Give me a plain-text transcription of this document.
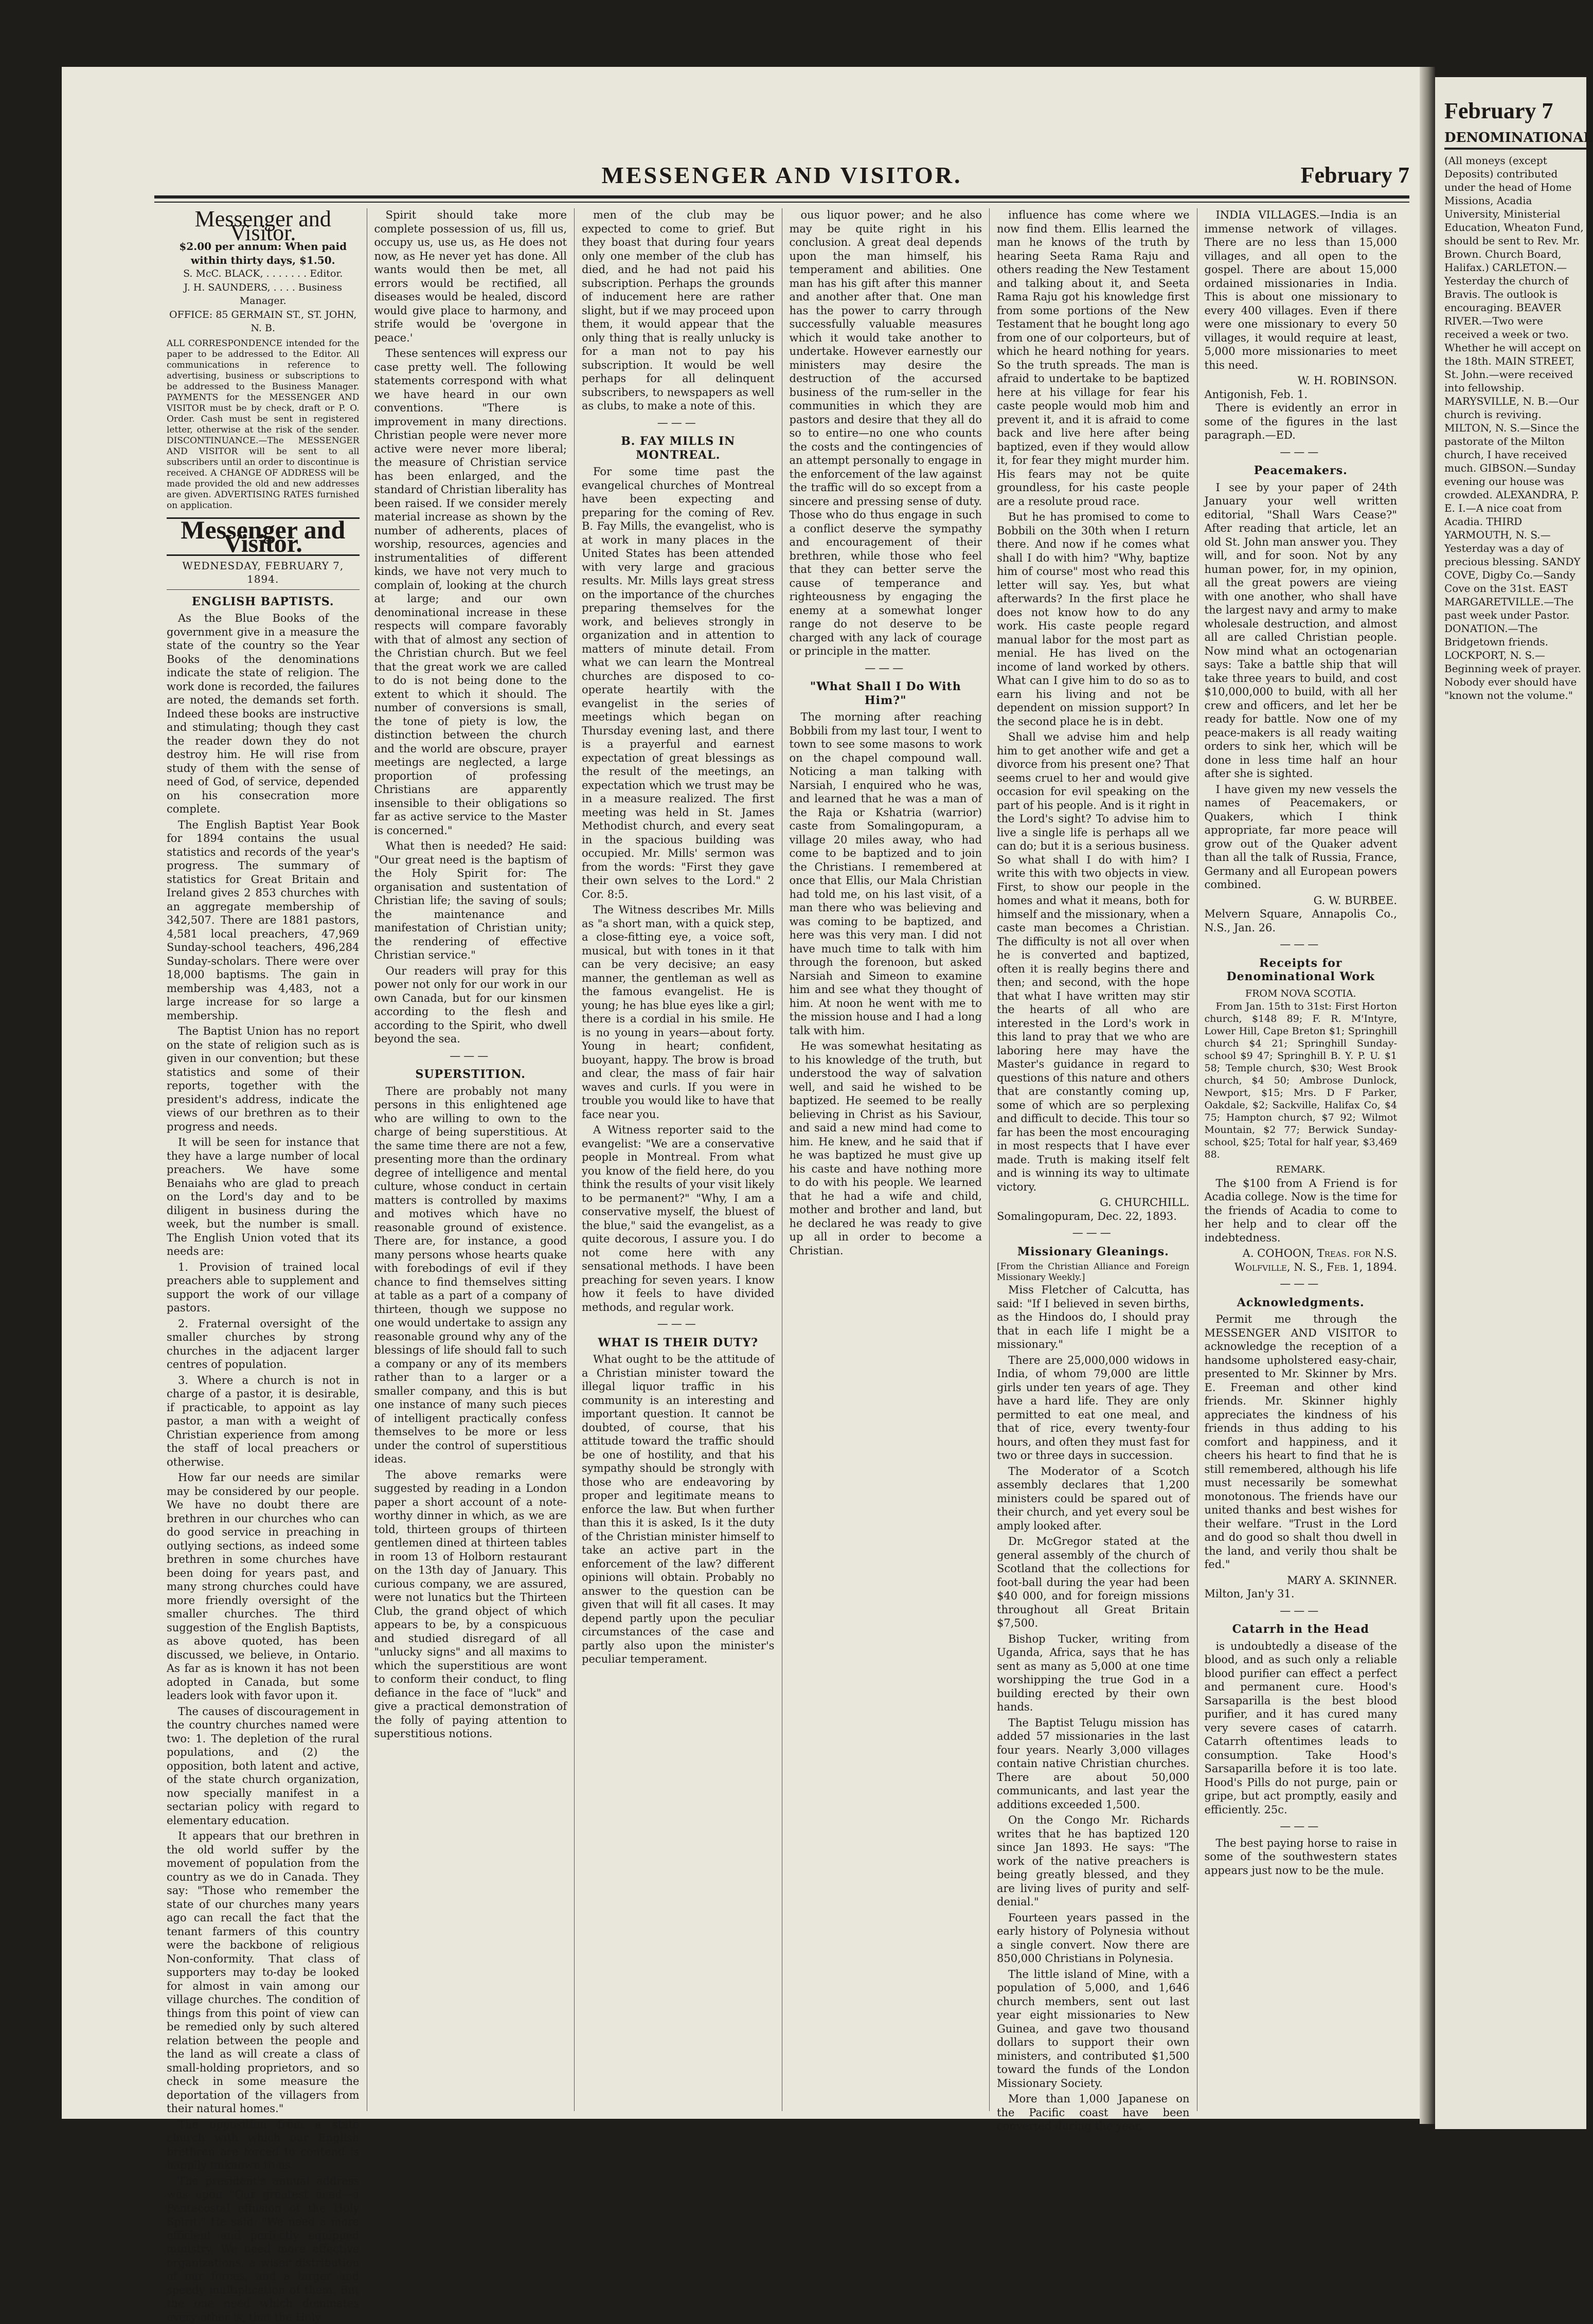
MESSENGER AND VISITOR.	February 7
Messenger and Visitor.
$2.00 per annum: When paid within thirty days, $1.50.
S. McC. BLACK, . . . . . . . Editor.
J. H. SAUNDERS, . . . . Business Manager.
OFFICE: 85 GERMAIN ST., ST. JOHN, N. B.
ALL CORRESPONDENCE intended for the paper to be addressed to the Editor. All communications in reference to advertising, business or subscriptions to be addressed to the Business Manager. PAYMENTS for the MESSENGER AND VISITOR must be by check, draft or P. O. Order. Cash must be sent in registered letter, otherwise at the risk of the sender. DISCONTINUANCE.—The MESSENGER AND VISITOR will be sent to all subscribers until an order to discontinue is received. A CHANGE OF ADDRESS will be made provided the old and new addresses are given. ADVERTISING RATES furnished on application.
Messenger and Visitor.
WEDNESDAY, FEBRUARY 7, 1894.
ENGLISH BAPTISTS.

As the Blue Books of the government give in a measure the state of the country so the Year Books of the denominations indicate the state of religion. The work done is recorded, the failures are noted, the demands set forth. Indeed these books are instructive and stimulating; though they cast the reader down they do not destroy him. He will rise from study of them with the sense of need of God, of service, depended on his consecration more complete.

The English Baptist Year Book for 1894 contains the usual statistics and records of the year's progress. The summary of statistics for Great Britain and Ireland gives 2 853 churches with an aggregate membership of 342,507. There are 1881 pastors, 4,581 local preachers, 47,969 Sunday-school teachers, 496,284 Sunday-scholars. There were over 18,000 baptisms. The gain in membership was 4,483, not a large increase for so large a membership.

The Baptist Union has no report on the state of religion such as is given in our convention; but these statistics and some of their reports, together with the president's address, indicate the views of our brethren as to their progress and needs.

It will be seen for instance that they have a large number of local preachers. We have some Benaiahs who are glad to preach on the Lord's day and to be diligent in business during the week, but the number is small. The English Union voted that its needs are:

1. Provision of trained local preachers able to supplement and support the work of our village pastors.

2. Fraternal oversight of the smaller churches by strong churches in the adjacent larger centres of population.

3. Where a church is not in charge of a pastor, it is desirable, if practicable, to appoint as lay pastor, a man with a weight of Christian experience from among the staff of local preachers or otherwise.

How far our needs are similar may be considered by our people. We have no doubt there are brethren in our churches who can do good service in preaching in outlying sections, as indeed some brethren in some churches have been doing for years past, and many strong churches could have more friendly oversight of the smaller churches. The third suggestion of the English Baptists, as above quoted, has been discussed, we believe, in Ontario. As far as is known it has not been adopted in Canada, but some leaders look with favor upon it.

The causes of discouragement in the country churches named were two: 1. The depletion of the rural populations, and (2) the opposition, both latent and active, of the state church organization, now specially manifest in a sectarian policy with regard to elementary education.

It appears that our brethren in the old world suffer by the movement of population from the country as we do in Canada. They say: "Those who remember the state of our churches many years ago can recall the fact that the tenant farmers of this country were the backbone of religious Non-conformity. That class of supporters may to-day be looked for almost in vain among our village churches. The condition of things from this point of view can be remedied only by such altered relation between the people and the land as will create a class of small-holding proprietors, and so check in some measure the deportation of the villagers from their natural homes."

The opposition from a state church with which our English brethren are forced to contend is happily unknown to us.

The president's annual address was upon "Our greatest need—a Pentecostal effusion of the Holy Spirit." He said: "We need a more efficient and perfectly equipped ministry. We need more effective organizations, a wiser distribution of our forces, and a larger and speedy multiplication of them. But the one need which dominates every other is, that the Holy

Spirit should take more complete possession of us, fill us, occupy us, use us, as He does not now, as He never yet has done. All wants would then be met, all errors would be rectified, all diseases would be healed, discord would give place to harmony, and strife would be 'overgone in peace.'

These sentences will express our case pretty well. The following statements correspond with what we have heard in our own conventions. "There is improvement in many directions. Christian people were never more active were never more liberal; the measure of Christian service has been enlarged, and the standard of Christian liberality has been raised. If we consider merely material increase as shown by the number of adherents, places of worship, resources, agencies and instrumentalities of different kinds, we have not very much to complain of, looking at the church at large; and our own denominational increase in these respects will compare favorably with that of almost any section of the Christian church. But we feel that the great work we are called to do is not being done to the extent to which it should. The number of conversions is small, the tone of piety is low, the distinction between the church and the world are obscure, prayer meetings are neglected, a large proportion of professing Christians are apparently insensible to their obligations so far as active service to the Master is concerned."

What then is needed? He said: "Our great need is the baptism of the Holy Spirit for: The organisation and sustentation of Christian life; the saving of souls; the maintenance and manifestation of Christian unity; the rendering of effective Christian service."

Our readers will pray for this power not only for our work in our own Canada, but for our kinsmen according to the flesh and according to the Spirit, who dwell beyond the sea.

———
SUPERSTITION.

There are probably not many persons in this enlightened age who are willing to own to the charge of being superstitious. At the same time there are not a few, presenting more than the ordinary degree of intelligence and mental culture, whose conduct in certain matters is controlled by maxims and motives which have no reasonable ground of existence. There are, for instance, a good many persons whose hearts quake with forebodings of evil if they chance to find themselves sitting at table as a part of a company of thirteen, though we suppose no one would undertake to assign any reasonable ground why any of the blessings of life should fall to such a company or any of its members rather than to a larger or a smaller company, and this is but one instance of many such pieces of intelligent practically confess themselves to be more or less under the control of superstitious ideas.

The above remarks were suggested by reading in a London paper a short account of a note-worthy dinner in which, as we are told, thirteen groups of thirteen gentlemen dined at thirteen tables in room 13 of Holborn restaurant on the 13th day of January. This curious company, we are assured, were not lunatics but the Thirteen Club, the grand object of which appears to be, by a conspicuous and studied disregard of all "unlucky signs" and all maxims to which the superstitious are wont to conform their conduct, to fling defiance in the face of "luck" and give a practical demonstration of the folly of paying attention to superstitious notions.

men of the club may be expected to come to grief. But they boast that during four years only one member of the club has died, and he had not paid his subscription. Perhaps the grounds of inducement here are rather slight, but if we may proceed upon them, it would appear that the only thing that is really unlucky is for a man not to pay his subscription. It would be well perhaps for all delinquent subscribers, to newspapers as well as clubs, to make a note of this.

———
B. FAY MILLS IN MONTREAL.

For some time past the evangelical churches of Montreal have been expecting and preparing for the coming of Rev. B. Fay Mills, the evangelist, who is at work in many places in the United States has been attended with very large and gracious results. Mr. Mills lays great stress on the importance of the churches preparing themselves for the work, and believes strongly in organization and in attention to matters of minute detail. From what we can learn the Montreal churches are disposed to co-operate heartily with the evangelist in the series of meetings which began on Thursday evening last, and there is a prayerful and earnest expectation of great blessings as the result of the meetings, an expectation which we trust may be in a measure realized. The first meeting was held in St. James Methodist church, and every seat in the spacious building was occupied. Mr. Mills' sermon was from the words: "First they gave their own selves to the Lord." 2 Cor. 8:5.

The Witness describes Mr. Mills as "a short man, with a quick step, a close-fitting eye, a voice soft, musical, but with tones in it that can be very decisive; an easy manner, the gentleman as well as the famous evangelist. He is young; he has blue eyes like a girl; there is a cordial in his smile. He is no young in years—about forty. Young in heart; confident, buoyant, happy. The brow is broad and clear, the mass of fair hair waves and curls. If you were in trouble you would like to have that face near you.

A Witness reporter said to the evangelist: "We are a conservative people in Montreal. From what you know of the field here, do you think the results of your visit likely to be permanent?" "Why, I am a conservative myself, the bluest of the blue," said the evangelist, as a quite decorous, I assure you. I do not come here with any sensational methods. I have been preaching for seven years. I know how it feels to have divided methods, and regular work.

———
WHAT IS THEIR DUTY?

What ought to be the attitude of a Christian minister toward the illegal liquor traffic in his community is an interesting and important question. It cannot be doubted, of course, that his attitude toward the traffic should be one of hostility, and that his sympathy should be strongly with those who are endeavoring by proper and legitimate means to enforce the law. But when further than this it is asked, Is it the duty of the Christian minister himself to take an active part in the enforcement of the law? different opinions will obtain. Probably no answer to the question can be given that will fit all cases. It may depend partly upon the peculiar circumstances of the case and partly also upon the minister's peculiar temperament.

ous liquor power; and he also may be quite right in his conclusion. A great deal depends upon the man himself, his temperament and abilities. One man has his gift after this manner and another after that. One man has the power to carry through successfully valuable measures which it would take another to undertake. However earnestly our ministers may desire the destruction of the accursed business of the rum-seller in the communities in which they are pastors and desire that they all do so to entire—no one who counts the costs and the contingencies of an attempt personally to engage in the enforcement of the law against the traffic will do so except from a sincere and pressing sense of duty. Those who do thus engage in such a conflict deserve the sympathy and encouragement of their brethren, while those who feel that they can better serve the cause of temperance and righteousness by engaging the enemy at a somewhat longer range do not deserve to be charged with any lack of courage or principle in the matter.

———
"What Shall I Do With Him?"

The morning after reaching Bobbili from my last tour, I went to town to see some masons to work on the chapel compound wall. Noticing a man talking with Narsiah, I enquired who he was, and learned that he was a man of the Raja or Kshatria (warrior) caste from Somalingopuram, a village 20 miles away, who had come to be baptized and to join the Christians. I remembered at once that Ellis, our Mala Christian had told me, on his last visit, of a man there who was believing and was coming to be baptized, and here was this very man. I did not have much time to talk with him through the forenoon, but asked Narsiah and Simeon to examine him and see what they thought of him. At noon he went with me to the mission house and I had a long talk with him.

He was somewhat hesitating as to his knowledge of the truth, but understood the way of salvation well, and said he wished to be baptized. He seemed to be really believing in Christ as his Saviour, and said a new mind had come to him. He knew, and he said that if he was baptized he must give up his caste and have nothing more to do with his people. We learned that he had a wife and child, mother and brother and land, but he declared he was ready to give up all in order to become a Christian.

influence has come where we now find them. Ellis learned the man he knows of the truth by hearing Seeta Rama Raju and others reading the New Testament and talking about it, and Seeta Rama Raju got his knowledge first from some portions of the New Testament that he bought long ago from one of our colporteurs, but of which he heard nothing for years. So the truth spreads. The man is afraid to undertake to be baptized here at his village for fear his caste people would mob him and prevent it, and it is afraid to come back and live here after being baptized, even if they would allow it, for fear they might murder him. His fears may not be quite groundless, for his caste people are a resolute proud race.

But he has promised to come to Bobbili on the 30th when I return there. And now if he comes what shall I do with him? "Why, baptize him of course" most who read this letter will say. Yes, but what afterwards? In the first place he does not know how to do any work. His caste people regard manual labor for the most part as menial. He has lived on the income of land worked by others. What can I give him to do so as to earn his living and not be dependent on mission support? In the second place he is in debt.

Shall we advise him and help him to get another wife and get a divorce from his present one? That seems cruel to her and would give occasion for evil speaking on the part of his people. And is it right in the Lord's sight? To advise him to live a single life is perhaps all we can do; but it is a serious business. So what shall I do with him? I write this with two objects in view. First, to show our people in the homes and what it means, both for himself and the missionary, when a caste man becomes a Christian. The difficulty is not all over when he is converted and baptized, often it is really begins there and then; and second, with the hope that what I have written may stir the hearts of all who are interested in the Lord's work in this land to pray that we who are laboring here may have the Master's guidance in regard to questions of this nature and others that are constantly coming up, some of which are so perplexing and difficult to decide. This tour so far has been the most encouraging in most respects that I have ever made. Truth is making itself felt and is winning its way to ultimate victory.

G. CHURCHILL.
Somalingopuram, Dec. 22, 1893.
———
Missionary Gleanings.
[From the Christian Alliance and Foreign Missionary Weekly.]

Miss Fletcher of Calcutta, has said: "If I believed in seven births, as the Hindoos do, I should pray that in each life I might be a missionary."

There are 25,000,000 widows in India, of whom 79,000 are little girls under ten years of age. They have a hard life. They are only permitted to eat one meal, and that of rice, every twenty-four hours, and often they must fast for two or three days in succession.

The Moderator of a Scotch assembly declares that 1,200 ministers could be spared out of their church, and yet every soul be amply looked after.

Dr. McGregor stated at the general assembly of the church of Scotland that the collections for foot-ball during the year had been $40 000, and for foreign missions throughout all Great Britain $7,500.

Bishop Tucker, writing from Uganda, Africa, says that he has sent as many as 5,000 at one time worshipping the true God in a building erected by their own hands.

The Baptist Telugu mission has added 57 missionaries in the last four years. Nearly 3,000 villages contain native Christian churches. There are about 50,000 communicants, and last year the additions exceeded 1,500.

On the Congo Mr. Richards writes that he has baptized 120 since Jan 1893. He says: "The work of the native preachers is being greatly blessed, and they are living lives of purity and self-denial."

Fourteen years passed in the early history of Polynesia without a single convert. Now there are 850,000 Christians in Polynesia.

The little island of Mine, with a population of 5,000, and 1,646 church members, sent out last year eight missionaries to New Guinea, and gave two thousand dollars to support their own ministers, and contributed $1,500 toward the funds of the London Missionary Society.

More than 1,000 Japanese on the Pacific coast have been converted during the year.

INDIA VILLAGES.—India is an immense network of villages. There are no less than 15,000 villages, and all open to the gospel. There are about 15,000 ordained missionaries in India. This is about one missionary to every 400 villages. Even if there were one missionary to every 50 villages, it would require at least, 5,000 more missionaries to meet this need.

W. H. ROBINSON.
Antigonish, Feb. 1.

There is evidently an error in some of the figures in the last paragraph.—ED.

———
Peacemakers.

I see by your paper of 24th January your well written editorial, "Shall Wars Cease?" After reading that article, let an old St. John man answer you. They will, and for soon. Not by any human power, for, in my opinion, all the great powers are vieing with one another, who shall have the largest navy and army to make wholesale destruction, and almost all are called Christian people. Now mind what an octogenarian says: Take a battle ship that will take three years to build, and cost $10,000,000 to build, with all her crew and officers, and let her be ready for battle. Now one of my peace-makers is all ready waiting orders to sink her, which will be done in less time half an hour after she is sighted.

I have given my new vessels the names of Peacemakers, or Quakers, which I think appropriate, far more peace will grow out of the Quaker advent than all the talk of Russia, France, Germany and all European powers combined.

G. W. BURBEE.
Melvern Square, Annapolis Co., N.S., Jan. 26.
———
Receipts for Denominational Work
FROM NOVA SCOTIA.

From Jan. 15th to 31st: First Horton church, $148 89; F. R. M'Intyre, Lower Hill, Cape Breton $1; Springhill church $4 21; Springhill Sunday-school $9 47; Springhill B. Y. P. U. $1 58; Temple church, $30; West Brook church, $4 50; Ambrose Dunlock, Newport, $15; Mrs. D F Parker, Oakdale, $2; Sackville, Halifax Co, $4 75; Hampton church, $7 92; Wilmot Mountain, $2 77; Berwick Sunday-school, $25; Total for half year, $3,469 88.

REMARK.

The $100 from A Friend is for Acadia college. Now is the time for the friends of Acadia to come to her help and to clear off the indebtedness.

A. COHOON, Treas. for N.S. Wolfville, N. S., Feb. 1, 1894.
———
Acknowledgments.

Permit me through the MESSENGER AND VISITOR to acknowledge the reception of a handsome upholstered easy-chair, presented to Mr. Skinner by Mrs. E. Freeman and other kind friends. Mr. Skinner highly appreciates the kindness of his friends in thus adding to his comfort and happiness, and it cheers his heart to find that he is still remembered, although his life must necessarily be somewhat monotonous. The friends have our united thanks and best wishes for their welfare. "Trust in the Lord and do good so shalt thou dwell in the land, and verily thou shalt be fed."

MARY A. SKINNER.
Milton, Jan'y 31.
———
Catarrh in the Head

is undoubtedly a disease of the blood, and as such only a reliable blood purifier can effect a perfect and permanent cure. Hood's Sarsaparilla is the best blood purifier, and it has cured many very severe cases of catarrh. Catarrh oftentimes leads to consumption. Take Hood's Sarsaparilla before it is too late. Hood's Pills do not purge, pain or gripe, but act promptly, easily and efficiently. 25c.

———

The best paying horse to raise in some of the southwestern states appears just now to be the mule.

February 7
DENOMINATIONAL
(All moneys (except Deposits) contributed under the head of Home Missions, Acadia University, Ministerial Education, Wheaton Fund, should be sent to Rev. Mr. Brown. Church Board, Halifax.) CARLETON.—Yesterday the church of Bravis. The outlook is encouraging. BEAVER RIVER.—Two were received a week or two. Whether he will accept on the 18th. MAIN STREET, St. John.—were received into fellowship. MARYSVILLE, N. B.—Our church is reviving. MILTON, N. S.—Since the pastorate of the Milton church, I have received much. GIBSON.—Sunday evening our house was crowded. ALEXANDRA, P. E. I.—A nice coat from Acadia. THIRD YARMOUTH, N. S.—Yesterday was a day of precious blessing. SANDY COVE, Digby Co.—Sandy Cove on the 31st. EAST MARGARETVILLE.—The past week under Pastor. DONATION.—The Bridgetown friends. LOCKPORT, N. S.—Beginning week of prayer. Nobody ever should have "known not the volume."
